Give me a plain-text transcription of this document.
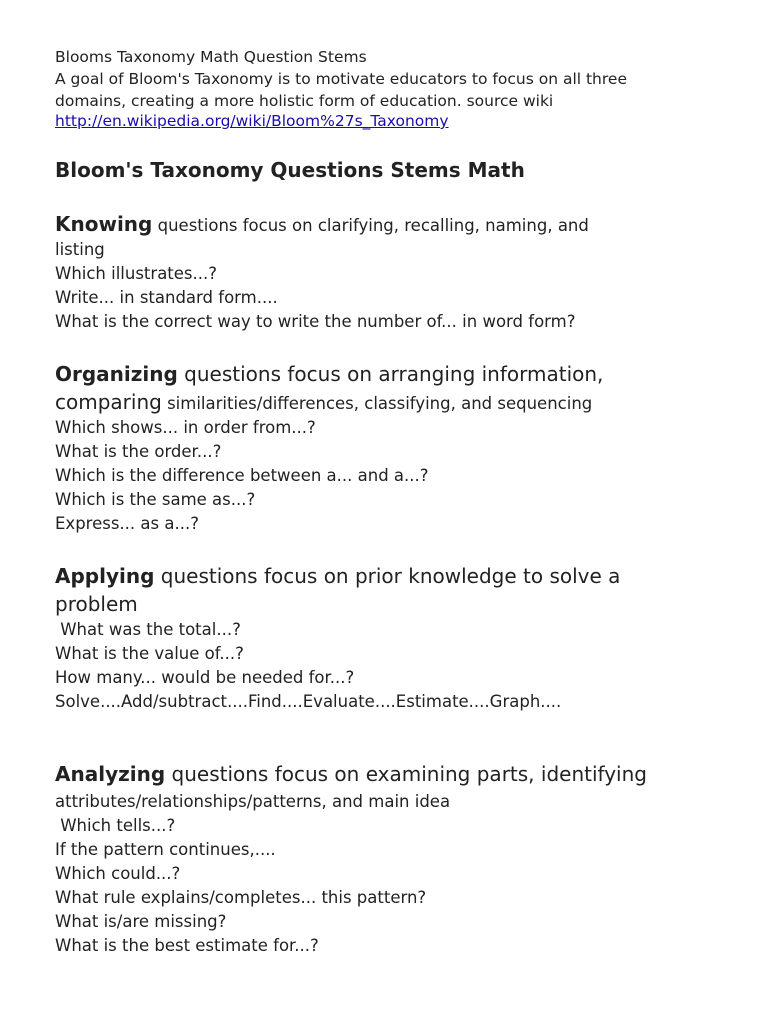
Blooms Taxonomy Math Question Stems
A goal of Bloom's Taxonomy is to motivate educators to focus on all three
domains, creating a more holistic form of education. source wiki
http://en.wikipedia.org/wiki/Bloom%27s_Taxonomy
Bloom's Taxonomy Questions Stems Math
Knowing questions focus on clarifying, recalling, naming, and
listing
Which illustrates...?
Write... in standard form....
What is the correct way to write the number of... in word form?
Organizing questions focus on arranging information,
comparing similarities/differences, classifying, and sequencing
Which shows... in order from...?
What is the order...?
Which is the difference between a... and a...?
Which is the same as...?
Express... as a...?
Applying questions focus on prior knowledge to solve a
problem
What was the total...?
What is the value of...?
How many... would be needed for...?
Solve....Add/subtract....Find....Evaluate....Estimate....Graph....
Analyzing questions focus on examining parts, identifying
attributes/relationships/patterns, and main idea
Which tells...?
If the pattern continues,....
Which could...?
What rule explains/completes... this pattern?
What is/are missing?
What is the best estimate for...?
